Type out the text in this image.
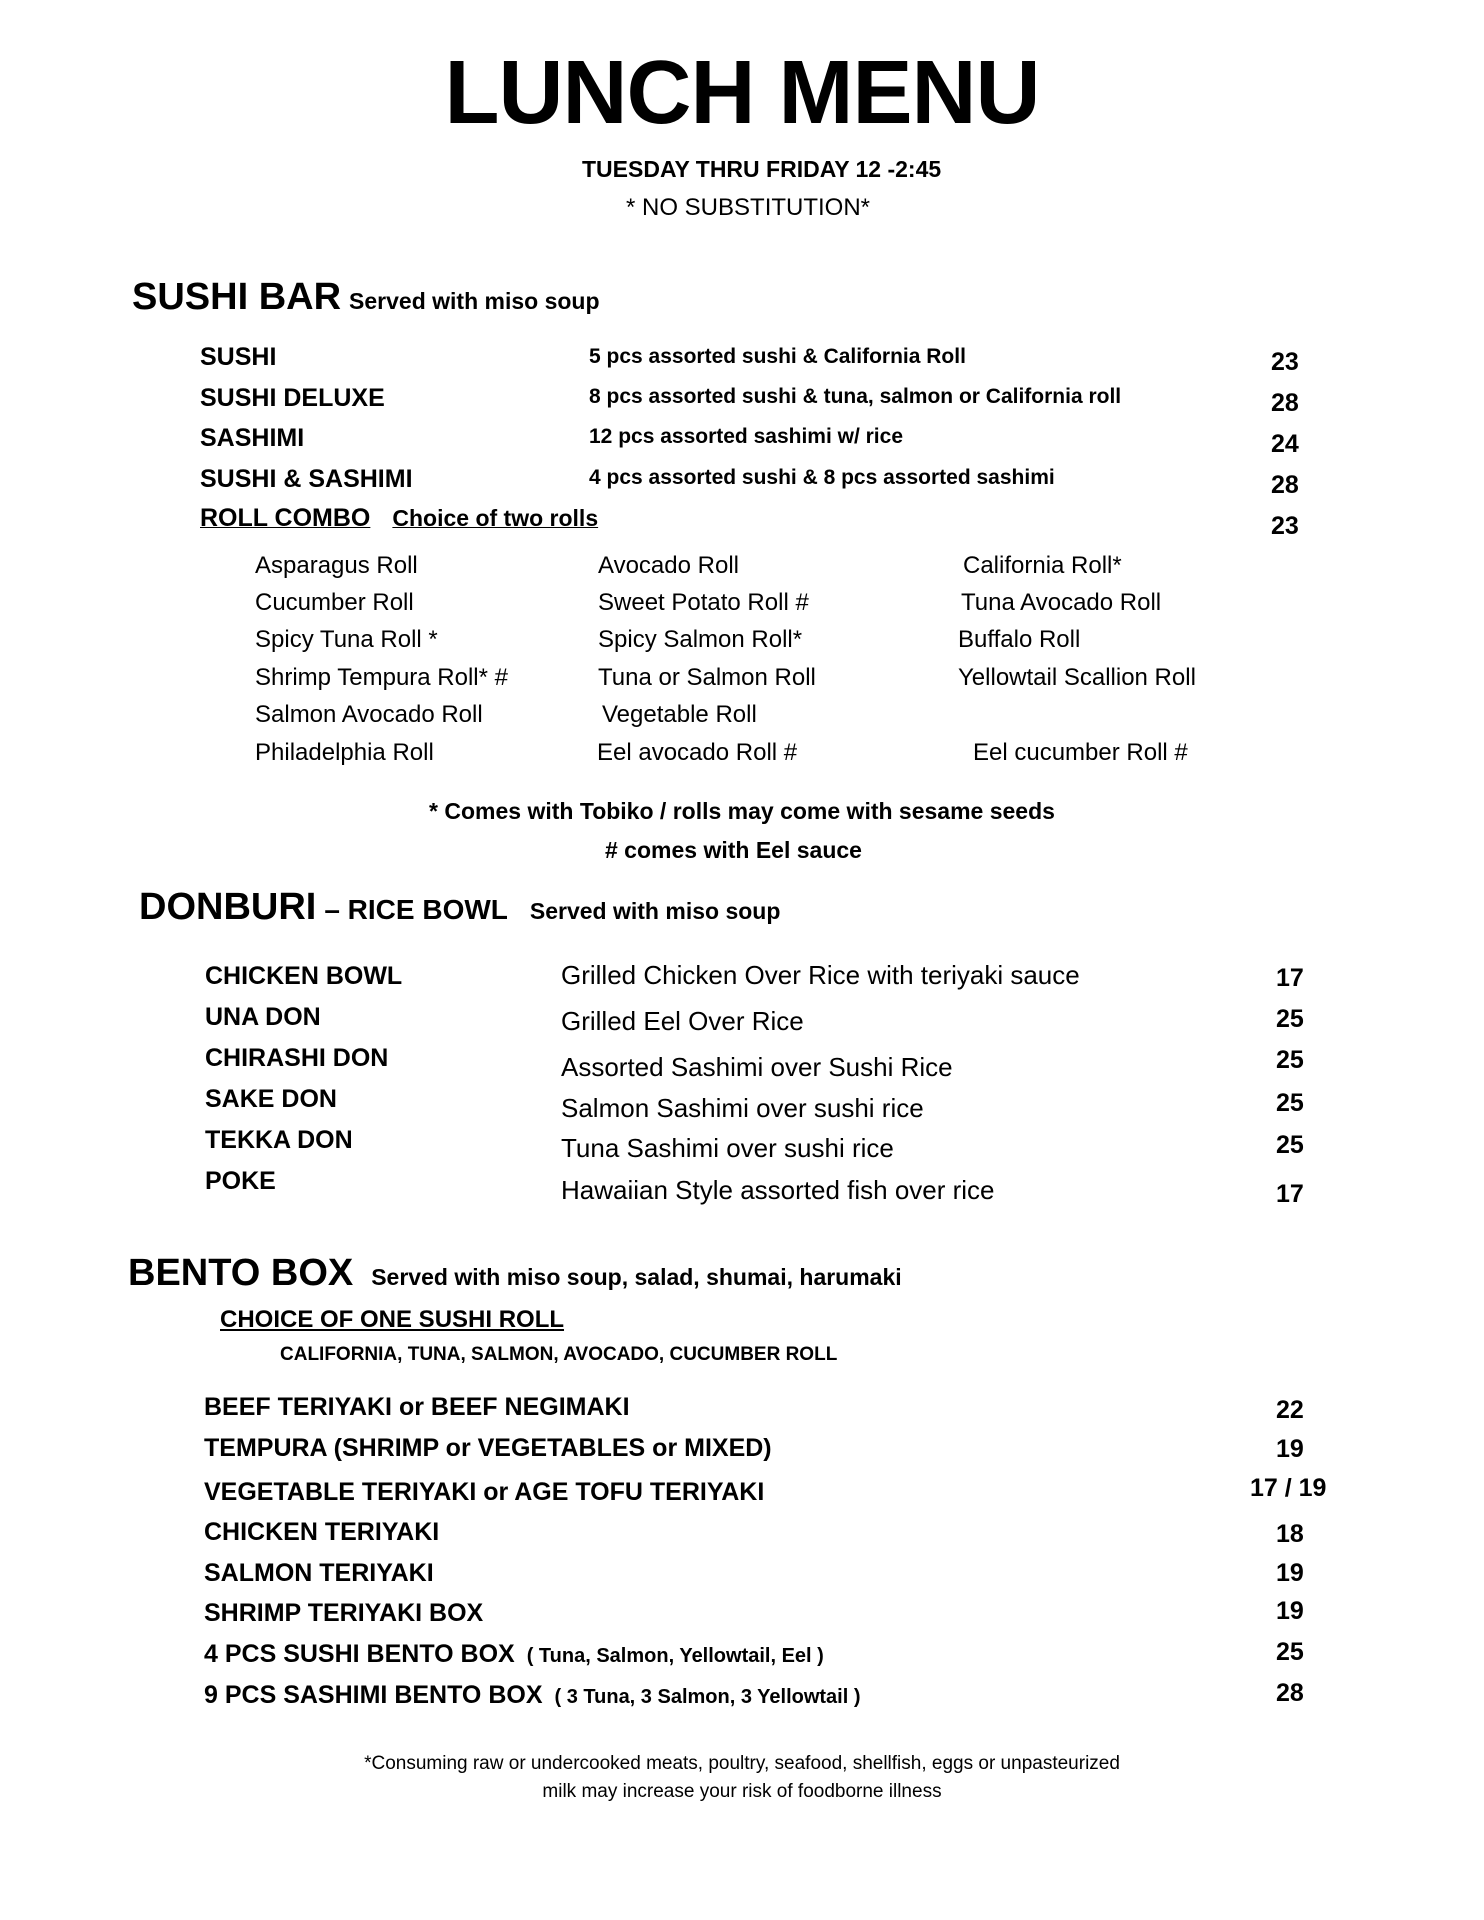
LUNCH MENU
TUESDAY THRU FRIDAY 12 -2:45
* NO SUBSTITUTION*
SUSHI BAR Served with miso soup
SUSHI	5 pcs assorted sushi & California Roll	23
SUSHI DELUXE	8 pcs assorted sushi & tuna, salmon or California roll	28
SASHIMI	12 pcs assorted sashimi w/ rice	24
SUSHI & SASHIMI	4 pcs assorted sushi & 8 pcs assorted sashimi	28
ROLL COMBO Choice of two rolls	23
Asparagus Roll	Avocado Roll	California Roll*
Cucumber Roll	Sweet Potato Roll #	Tuna Avocado Roll
Spicy Tuna Roll *	Spicy Salmon Roll*	Buffalo Roll
Shrimp Tempura Roll* #	Tuna or Salmon Roll	Yellowtail Scallion Roll
Salmon Avocado Roll	Vegetable Roll
Philadelphia Roll	Eel avocado Roll #	Eel cucumber Roll #
* Comes with Tobiko / rolls may come with sesame seeds
# comes with Eel sauce
DONBURI – RICE BOWL Served with miso soup
CHICKEN BOWL	Grilled Chicken Over Rice with teriyaki sauce	17
UNA DON	Grilled Eel Over Rice	25
CHIRASHI DON	Assorted Sashimi over Sushi Rice	25
SAKE DON	Salmon Sashimi over sushi rice	25
TEKKA DON	Tuna Sashimi over sushi rice	25
POKE	Hawaiian Style assorted fish over rice	17
BENTO BOX Served with miso soup, salad, shumai, harumaki
CHOICE OF ONE SUSHI ROLL
CALIFORNIA, TUNA, SALMON, AVOCADO, CUCUMBER ROLL
BEEF TERIYAKI or BEEF NEGIMAKI	22
TEMPURA (SHRIMP or VEGETABLES or MIXED)	19
VEGETABLE TERIYAKI or AGE TOFU TERIYAKI	17 / 19
CHICKEN TERIYAKI	18
SALMON TERIYAKI	19
SHRIMP TERIYAKI BOX	19
4 PCS SUSHI BENTO BOX ( Tuna, Salmon, Yellowtail, Eel )	25
9 PCS SASHIMI BENTO BOX ( 3 Tuna, 3 Salmon, 3 Yellowtail )	28
*Consuming raw or undercooked meats, poultry, seafood, shellfish, eggs or unpasteurized
milk may increase your risk of foodborne illness
